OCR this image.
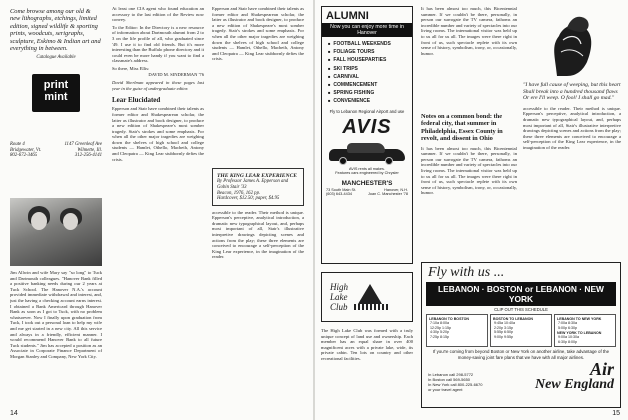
Come browse among our old & new lithographs, etchings, limited edition, signed wildlife & sporting prints, woodcuts, serigraphs, sculpture, Eskimo & Indian art and everything in between.
Catalogue Available
print
mint
Route 4
Bridgewater, Vt.
802-672-3465
1147 Greenleaf Ave
Wilmette, Ill.
312-256-4141
Jim Allwin and wife Mary say "so long" to Tuck and Dartmouth colleagues. "Hanover Bank filled a positive banking needs during our 2 years at Tuck School. The Hanover N.A.'s account provided immediate withdrawal and interest, and, just the having a checking account earns interest. I obtained a Bank Americard through Hanover Bank as soon as I got to Tuck, with no problem whatsoever. Now I finally upon graduation from Tuck, I took out a personal loan to help my wife and me get started in a new city. All this service and always in a friendly, efficient manner. I would recommend Hanover Bank to all future Tuck students." Jim has accepted a position as an Associate in Corporate Finance Department of Morgan Stanley and Company, New York City.
At least one CIA agent who found education an accessory to the last edition of the Review now convey.
To the Editor: In the Directory is a new resource of information about Dartmouth alumni from 2 to 3 on the life profile of all, who graduated since '49. I use it to find old friends. But it's more interesting than the Buffalo phone directory and it could even be more handy if you want to find a classmate's address.
So there, Miss Ellis:
DAVID M. SINDERMAN '76
David Sherlman appeared in these pages last year in the guise of undergraduate editor.
Lear Elucidated
Epperson and Stair have combined their talents as former editor and Shakespearean scholar, the latter as illustrator and book designer, to produce a new edition of Shakespeare's most somber tragedy. Stair's strokes and some emphasis. For when all the other major tragedies are weighing down the shelves of high school and college students — Hamlet, Othello, Macbeth, Antony and Cleopatra — King Lear stubbornly defies the crisis.
Epperson and Stair have combined their talents as former editor and Shakespearean scholar, the latter as illustrator and book designer, to produce a new edition of Shakespeare's most somber tragedy. Stair's strokes and some emphasis. For when all the other major tragedies are weighing down the shelves of high school and college students — Hamlet, Othello, Macbeth, Antony and Cleopatra — King Lear stubbornly defies the crisis.
THE KING LEAR EXPERIENCE
By Professor James A. Epperson and Gobin Stair '33
Beacon, 1976, 162 pp.
Hardcover, $12.50; paper, $4.95
accessible to the reader. Their method is unique. Epperson's perceptive, analytical introduction, a dramatic new typographical layout, and, perhaps most important of all, Stair's illustrative interpretive drawings depicting scenes and actions from the play; these three elements are conceived to encourage a self-perception of the King Lear experience, in the imagination of the reader.
14
ALUMNI
Now you can enjoy more time in Hanover
■ FOOTBALL WEEKENDS
■ FOLIAGE TOURS
■ FALL HOUSEPARTIES
■ SKI TRIPS
■ CARNIVAL
■ COMMENCEMENT
■ SPRING FISHING
■ CONVENIENCE
Fly to Lebanon Regional Airport and use
AVIS
AVIS rents all makes.
Features cars engineered by Chrysler
MANCHESTER'S
73 South Main St.
(603) 643-4434
Hanover, N.H.
Joan C. Manchester '78
High
Lake
Club
The High Lake Club was formed with a truly unique concept of land use and ownership. Each member has an equal share in over 400 magnificent acres with a private lake, wide, its private cabin. Ten lots on country and other recreational facilities.
It has been almost too much, this Bicentennial summer. If we couldn't be there, personally, in person our surrogate the TV camera, fathoms an incredible number and variety of spectacles into our living rooms. The international visitor was held up to us all for us all. The images were there right in front of us, such spectacle replete with its own sense of history, symbolism, irony, or, occasionally, humor.
Notes on a common bond: the federal city, that summer in Philadelphia, Essex County in revolt, and dissent in Ohio
It has been almost too much, this Bicentennial summer. If we couldn't be there, personally, in person our surrogate the TV camera, fathoms an incredible number and variety of spectacles into our living rooms. The international visitor was held up to us all for us all. The images were there right in front of us, such spectacle replete with its own sense of history, symbolism, irony, or, occasionally, humor.
"I have full cause of weeping, but this heart
Shall break into a hundred thousand flaws
Or ere I'll weep. O fool! I shall go mad."
accessible to the reader. Their method is unique. Epperson's perceptive, analytical introduction, a dramatic new typographical layout, and, perhaps most important of all, Stair's illustrative interpretive drawings depicting scenes and actions from the play; these three elements are conceived to encourage a self-perception of the King Lear experience, in the imagination of the reader.
Fly with us ...
LEBANON · BOSTON or LEBANON · NEW YORK
CLIP OUT THIS SCHEDULE
LEBANON TO BOSTON
7:10a 8:00a
12:25p 1:15p
4:30p 5:20p
7:25p 8:15p
BOSTON TO LEBANON
9:45a 10:40a
2:20p 3:15p
5:55p 6:50p
9:00p 9:55p
LEBANON TO NEW YORK
7:00a 8:30a
5:00p 6:30p
NEW YORK TO LEBANON
9:00a 10:30a
6:30p 8:00p
If you're coming from beyond Boston or New York on another airline, take advantage of the money-saving joint fare plans that we have with all major airlines.
In Lebanon call 298-5772
In Boston call 569-5650
In New York call 800-225-6670
or your travel agent
Air
New England
15
